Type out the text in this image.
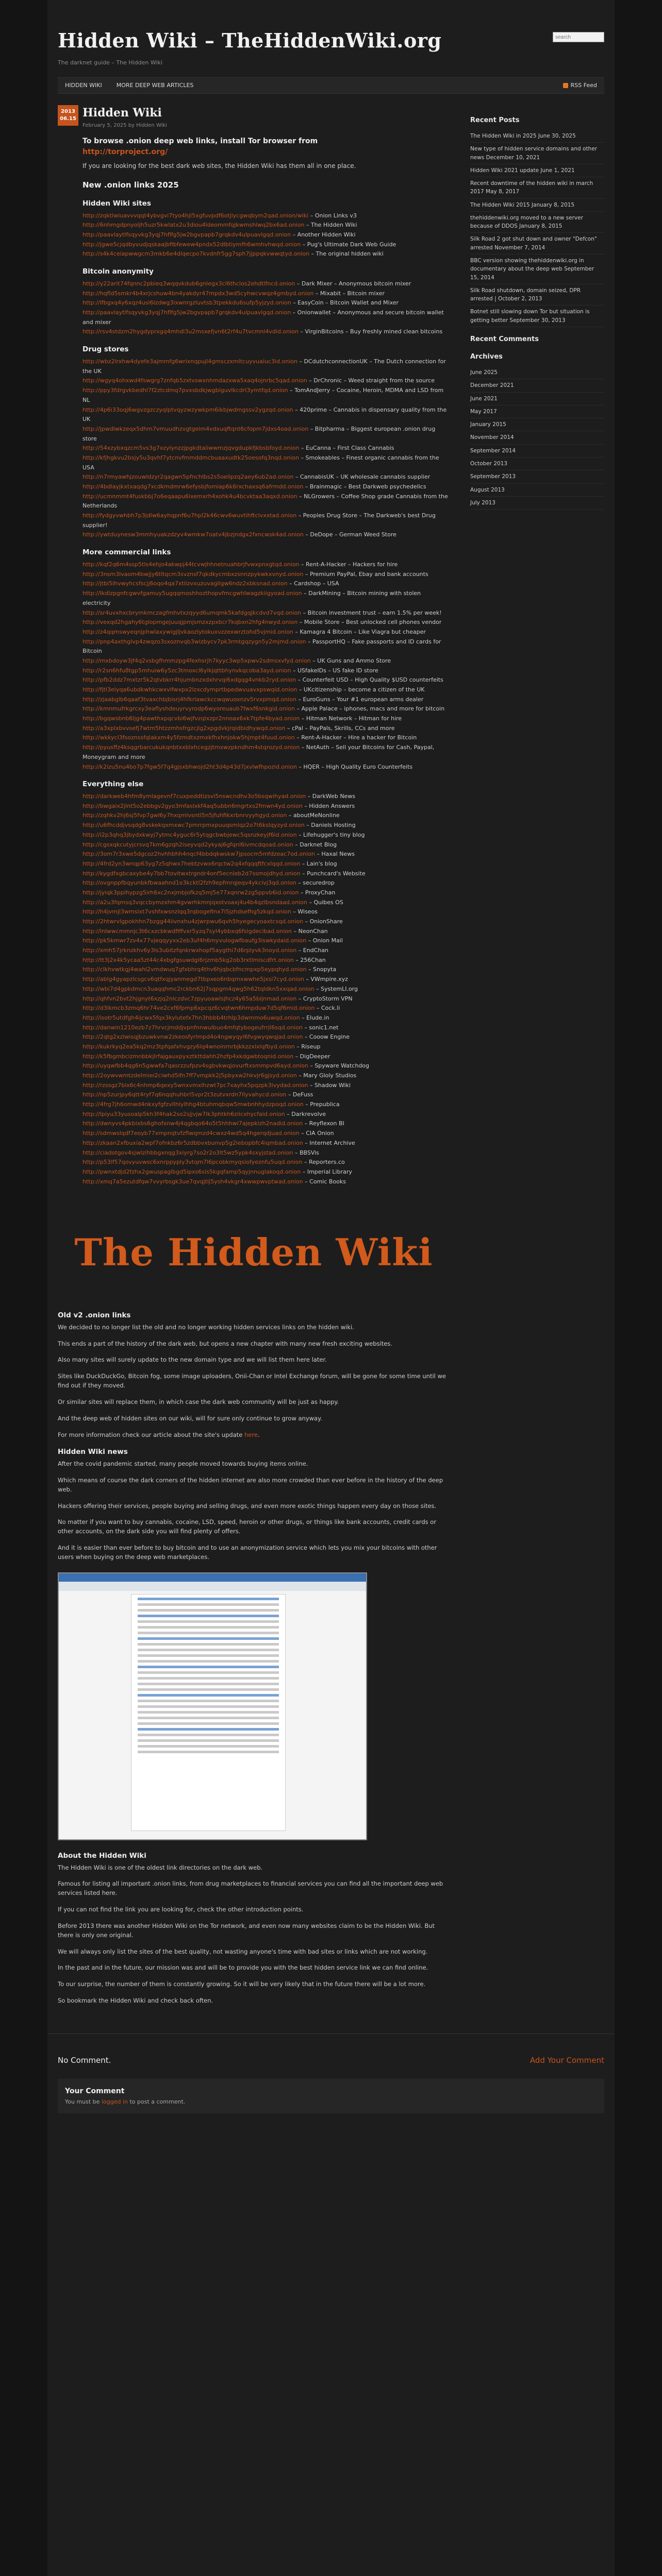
Hidden Wiki – TheHiddenWiki.org
The darknet guide – The Hidden Wiki
search
HIDDEN WIKI	MORE DEEP WEB ARTICLES	RSS Feed
2013
06.15 Hidden Wiki
February 5, 2025 by Hidden Wiki
To browse .onion deep web links, install Tor browser from
http://torproject.org/
If you are looking for the best dark web sites, the Hidden Wiki has them all in one place.
New .onion links 2025
Hidden Wiki sites
http://zqktlwiuavvvqqt4ybvgvi7tyo4hjl5xgfuvpdf6otjiycgwqbym2qad.onion/wiki – Onion Links v3
http://6nhmgdpnyoljh5uzr5kwlatx2u3diou4ldeommfqjkwmshlwq2bx6ad.onion – The Hidden Wiki
http://paavlaytlfsqyvkg3yqj7hflfg5jw2bgvpapb7grqkdv4ulpuavlgqd.onion – Another Hidden Wiki
http://jgwe5cjqdbyvudjqskaajbfibfewew4pndx52dlbtiymfh6wmhvhwqd.onion – Pug's Ultimate Dark Web Guide
http://s4k4ceiapwwgcm3mkb6e4diqecpo7kvdnfr5gg7sph7jjppqkvwwqtyd.onion – The original hidden wiki
Bitcoin anonymity
http://y22arit74fqnnc2pbieq3wqqvkdub6gnlegx3cl6thclos2ehdtlfncd.onion – Dark Mixer – Anonymous bitcoin mixer
http://hqfld5smkr4b4xrjcshuw4bn4yakdyr47mpdx3wd5cyhwcvwqz4gmbyd.onion – Mixabit – Bitcoin mixer
http://lfbgxq4y6xqz4usl6lzdwg3ixwnrgzluvtsb3tpekkdu6sufp5yjzyd.onion – EasyCoin – Bitcoin Wallet and Mixer
http://paavlaytlfsqyvkg3yqj7hflfg5jw2bgvpapb7grqkdv4ulpuavlgqd.onion – Onionwallet – Anonymous and secure bitcoin wallet and mixer
http://rsv4stdzm2hygdyprxgq4mhdl3u2msxefjvn6t2rf4u7tvcmnl4vdid.onion – VirginBitcoins – Buy freshly mined clean bitcoins
Drug stores
http://wbz2lrxhw4dyefe3ajmmfg6wrixnqpujl4gmsczxmltcuyvuaiuc3id.onion – DCdutchconnectionUK – The Dutch connection for the UK
http://wgyq4ohxwd4fswgrg7znfqb5zxtvswxnhmdazxwa5xaq4ojnrbc5qad.onion – DrChronic – Weed straight from the source
http://ppy3fdrgvkbedhl7f2ztcdmq7pvxsbdkjwgblguvlkcdrl3ymtfqd.onion – TomAndJerry – Cocaine, Heroin, MDMA and LSD from NL
http://4p6i33oqj6wgvzgzczyqlptvqyzwzywkpm6ikbjwdmgssv2ygzqd.onion – 420prime – Cannabis in dispensary quality from the UK
http://jpwdlwkzeqx5dhm7vmuudhzvgtgelm4vdxuqftqnt6cfopm7jdxs4oad.onion – Bitpharma – Biggest european .onion drug store
http://54xzybxqzcm5vs3g7xzylynzzjpgkdtaiiwwmzjqvgdupkfjkbsbfoyd.onion – EuCanna – First Class Cannabis
http://kfjhgkvu2bsjy5u3qvhf7ytcnvfmmddmcbuaaxudtk25oesofq3nqd.onion – Smokeables – Finest organic cannabis from the USA
http://n7rmyawhjzouwldzyr2qagwn5pfnchlbs2s5oelipzq2aey6ub2ad.onion – CannabisUK – UK wholesale cannabis supplier
http://4bdlayjkxtxaqdg7xcdkmdmrw6efysbjfomiap6k6rxchaxsq6afrmdd.onion – Brainmagic – Best Darkweb psychedelics
http://ucmnmmt4fuskbbj7o6eqaapu6ixemxrh4xohk4u4bcvktaa3aqxd.onion – NLGrowers – Coffee Shop grade Cannabis from the Netherlands
http://fydgyvwhbh7p3jdlw6ayhqpnf6u7hpl2k46cwv6wuvtihftclvxxtad.onion – Peoples Drug Store – The Darkweb's best Drug supplier!
http://ywtduynesw3mmhyuakzdzyv4wmkw7oatv4jbzjndgx2fxncwsk4ad.onion – DeDope – German Weed Store
More commercial links
http://kqf2q6m4ssp5tls4ehjo4akwpj44tcvwjhhnetnuahbrjfvwxpnxgtqd.onion – Rent-A-Hacker – Hackers for hire
http://3nsm3lvaom4bwjjy6tltqcm3svznsf7qkdkycmbxzsnnzpykwkxvnyd.onion – Premium PayPal, Ebay and bank accounts
http://jtbi5ihvwyhcsfscjj6oqo4qa7xtiizvxuzuvagllgw6ndz2xbksnad.onion – Cardshop – USA
http://lkdlzpgnfcgwvfgamuy5ugqqmoshhozthopvfmcgwhlwagzkiigyoad.onion – DarkMining – Bitcoin mining with stolen electricity
http://sr4uvxhxcbrymkmczagfmhvtxzqyyd6umqmk5kafdgqjkcdvd7vqd.onion – Bitcoin investment trust – earn 1.5% per week!
http://vexqd2hgahy6tglopmgejuuqjpmjsmzxzpxbcr7kqbxn2hfg4nwyd.onion – Mobile Store – Best unlocked cell phones vendor
http://z4qqmswyeqnjphwlaxywigjljvkaozlytokuxvzzexwrztohd5vjmid.onion – Kamagra 4 Bitcoin – Like Viagra but cheaper
http://pnp4axthglvp4zwqzo3sxoznvqb3wizbycv7pk3rmtgqzygn5y2mjmd.onion – PassportHQ – Fake passports and ID cards for Bitcoin
http://mxbdoyw3jf4q2vsbgfhmmzpg4fexhsrjh7kyyc3wp5xpwv2sdmsxvfyd.onion – UK Guns and Ammo Store
http://r2sn6hfu8tgp5mhuiw6y5zc3tmoxcl6ylkjqttbhynvkqcoba3ayd.onion – USfakeIDs – US fake ID store
http://pfb2ddz7mxtzr5k2qtvbkrr4hjumbnzxdxhrvqi6xdgqg4vnkb2ryd.onion – Counterfeit USD – High Quality $USD counterfeits
http://fjtl3elyqa6ubdkwhkcwxvlfwxpx2lzxcdymprtbpedwvuavxpswqid.onion – UKcitizenship – become a citizen of the UK
http://zjaabglb6qaaf3tvaxchbjbisrj4hfkrlawckccwqwuoxnzv5rvxpmqd.onion – EuroGuns – Your #1 european arms dealer
http://kmnmufrkgrcxy3eaflyshdeuyrvyrodp6wyoreuaub7fwxf6snkgid.onion – Apple Palace – iphones, macs and more for bitcoin
http://bgqwsbnb6ljg4pawthxpqcvbi6wjfvzqlxzpr2nnoax6xk7tpfe4byad.onion – Hitman Network – Hitman for hire
http://a3xplxbvvsefj7wtm5htzzmhsfrgzcjlg2xpgdvkjrqidbidhywqd.onion – cPal – PayPals, Skrills, CCs and more
http://wkkycl3fsoznssfqlakxm4y5fzmdtxzmxkfhxhnjokw5hjmpt4fuud.onion – Rent-A-Hacker – Hire a hacker for Bitcoin
http://pyusffz4ksqgrbarcukukqnbtxxblxhcegzjtmxwzpkndhm4stqrozyd.onion – NetAuth – Sell your Bitcoins for Cash, Paypal, Moneygram and more
http://k2izu5nu4bo7p7fgw5f7q4gjsxbhwojd2ht3d4p43d7jxvlwfhpozid.onion – HQER – High Quality Euro Counterfeits
Everything else
http://darkweb4hfm8ymlagevnf7cuxpeddtizsvi5nswcndhv3o5bsqwihyad.onion – DarkWeb News
http://bwgaix2jlnt5o2ebbgv2gyo3mfaslxkf4aq5ubbn6mgrtxs2fmwn4yd.onion – Hidden Answers
http://zqhkv2hj6sj5fvp7gwl6y7hxqmlvsntl5n5jfuhfikxrbnrvyyhgyd.onion – aboutMeNonline
http://u6fhcddjvsqdg8vskekqxmxwc7pmrrpmxpuuqsmlqz2o7t6kslqyzyd.onion – Daniels Hosting
http://i2p3qhq3jbydxkwyj7ytmc4yguc6r5ytqgcbwbjewc5qsnzkeyjf6id.onion – Lifehugger's tiny blog
http://cgsxqkcutyjcrsvq7km6gzqh2iseyvqd2ykyaj6gfqnl6ivmcdqoad.onion – Darknet Blog
http://3om7r3xwe5dgcoz2hvhhbhh4nqcf4bbdqkwskw7jpsocm5mfdzeac7od.onion – Haxal News
http://4frd2yn3wnqp63yg7z5qhwx7hebtzvwx6rqctw2q4xfqqqftfcxlqqd.onion – Lain's blog
http://kygdfxgbcaxybe4y7bb7tovitwxtrgndr4onf5ecnleb2d7ssmojdhyd.onion – Punchcard's Website
http://ovgnppfbqyunbkfbwaahnd1e3kcktl2fzh9epfmrqjeqv4ykcivj3qd.onion – securedrop
http://jyiqk3ppihypzg5irh6xc2nxjmbjofkzq5mj5e77xqnrw2zg5ppvb6id.onion – ProxyChan
http://a2u3fqmsq3vqccbymzxhm4gvwrhkmnjqxotvoaxj4u4b4qzlbsndaad.onion – Quibes OS
http://h4jvmjl3wmslxt7vshfxwsnzlqq3rqbogefinx7l5jzhdsefhg5zkqd.onion – Wiseos
http://2htwrvlgpokhhn7bzgg44iivnxhu4zjwrpwu6qvh5hyegecyoaxtcsqd.onion – OnionShare
http://lnlwwcmmnjc3t6cxzcbkwdfiffvxr5yzq7syl4ybbxq6fslgdecibad.onion – NeonChan
http://pk5kmwr7zv4x77vjeqqyyxx2eb3uf4h6myvulogwfbaufg3iswkydaid.onion – Onion Mail
http://xmh57jrknzkhv6y3ls3ubitzfqnkrwxhopf5aygthi7d6rplyvk3noyd.onion – EndChan
http://tt3j2x4k5ycaa5zt44c4xbgfgsuwdgi6rjzmb5kg2ob3rxtlmiscdfrt.onion – 256Chan
http://clkhvwtkgj4wahl2vmdwuq7gfxbhrq4thv6hjqbcbfncmpxp5eypqhyd.onion – Snopyta
http://ablg4gyapzlcsgcv6qtfxqjyanmegd7tbpxeo6nbqmxwwhe5jxsi7cyd.onion – VWmpire.xyz
http://wbi7d4gpkdmcn3uaqqhmc2rckbn62j7sqpgm4qwg5h62tqldkn5xxqad.onion – SystemLI.org
http://qhfvn2bvt2hjgnyt6xzjq2nlczdvc7zpyuoawlsjhcz4y65a5bijnmad.onion – CryptoStorm VPN
http://d3lkmcb3zmq6hr74ve2cxf6fpmp6xpcqz6cvqtwn6hmpduw7d5qf6mid.onion – Cock.li
http://isotr5utdfgh4ijcwx5fqx3kylutefx7hn3hbbb4trhlp3dwmmo6uwqd.onion – Elude.in
http://danwin1210ezb7z7hrvcjmddjvpnfnnwulbuo4mfqtybogeufrrjl6sqd.onion – sonic1.net
http://2qtg2xzlwisqjbzuwkvnw2zkeosfyrlmpd4o4ngwyqyl6fvgwyqwqjad.onion – Cooow Engine
http://kukrkyq2ea5kq2mz3tpfqafxhvgzy6lq4wnoinrnrbjkkzzxlxlqfbyd.onion – Riseup
http://k5fbgmbcizmnbbkjlrfajgauxpyxztkttdahh2hzfp4xkdgwbtoqnid.onion – DigDeeper
http://uyqwfbb4qg6n5gwwfa7qasrzzufpzv4sgbvkwqjovurftxsmmpvd6ayd.onion – Spyware Watchdog
http://2oywvwmtzdelmiei2ciwhd5lfn7ff7vmpkk2j5pbyxw2hkvjr6gjsyd.onion – Mary Gloly Studios
http://rzssgz7blx6c4nhmp6qexy5wnxvmxlhzwt7pc7xayhx5pqzpk3ivydad.onion – Shadow Wiki
http://np5zurjpy6qtt4ryf7q6nqqhuhbrl5vpr2t3zutvxrdn7llyvahycd.onion – DeFuss
http://4frg7jh6omwd4nkxyfgfzvllhlylhhg4btuhmqbqw5mwbnhhydzpoqd.onion – Prepublica
http://lpiyu33yusoalp5kh3f4hak2so2sjjvjw7lk3phtkh6ziicxhycfaid.onion – Darkrevolve
http://dwnyvs4pkbixbs6ghofxnw4j4qgbqo64o5t5hhhwi7ajepklzh2nadid.onion – Reyflexon BI
http://sdmwslqdf7eoyb77xmpnqtvfzflwqmzd4cwxz4wd5q4hgerqdjuad.onion – CIA Onion
http://zkaan2xfbuxia2wpf7ofnkbz6r5zdbbvxbunvp5g2iebopbfc4iqmbad.onion – Internet Archive
http://ciadotgov4sjwlzihbbgxnqg3xiyrg7so2r2o3lt5wz5ypk4sxyjstad.onion – BBSVis
http://p53lf57qovyuvwsc6xnrppyply3vtqm7l6pcobkmyqsiofyeznfu5uqd.onion – Reporters.co
http://pwnxtdjd2fzhx2gwuspaglbgd5ipxs6sls5kgqfamp5qyjnnuglakoqd.onion – Imperial Library
http://xmq7a5ezutdfqw7vvyrbsgk3ue7qvqjtlj5ysh4vkgr4xwwpwvptwad.onion – Comic Books
The Hidden Wiki
Old v2 .onion links

We decided to no longer list the old and no longer working hidden services links on the hidden wiki.

This ends a part of the history of the dark web, but opens a new chapter with many new fresh exciting websites.

Also many sites will surely update to the new domain type and we will list them here later.

Sites like DuckDuckGo, Bitcoin fog, some image uploaders, Onii-Chan or Intel Exchange forum, will be gone for some time until we find out if they moved.

Or similar sites will replace them, in which case the dark web community will be just as happy.

And the deep web of hidden sites on our wiki, will for sure only continue to grow anyway.

For more information check our article about the site's update here.

Hidden Wiki news

After the covid pandemic started, many people moved towards buying items online.

Which means of course the dark corners of the hidden internet are also more crowded than ever before in the history of the deep web.

Hackers offering their services, people buying and selling drugs, and even more exotic things happen every day on those sites.

No matter if you want to buy cannabis, cocaine, LSD, speed, heroin or other drugs, or things like bank accounts, credit cards or other accounts, on the dark side you will find plenty of offers.

And it is easier than ever before to buy bitcoin and to use an anonymization service which lets you mix your bitcoins with other users when buying on the deep web marketplaces.

About the Hidden Wiki

The Hidden Wiki is one of the oldest link directories on the dark web.

Famous for listing all important .onion links, from drug marketplaces to financial services you can find all the important deep web services listed here.

If you can not find the link you are looking for, check the other introduction points.

Before 2013 there was another Hidden Wiki on the Tor network, and even now many websites claim to be the Hidden Wiki. But there is only one original.

We will always only list the sites of the best quality, not wasting anyone's time with bad sites or links which are not working.

In the past and in the future, our mission was and will be to provide you with the best hidden service link we can find online.

To our surprise, the number of them is constantly growing. So it will be very likely that in the future there will be a lot more.

So bookmark the Hidden Wiki and check back often.

Recent Posts
The Hidden Wiki in 2025 June 30, 2025
New type of hidden service domains and other news December 10, 2021
Hidden Wiki 2021 update June 1, 2021
Recent downtime of the hidden wiki in march 2017 May 8, 2017
The Hidden Wiki 2015 January 8, 2015
thehiddenwiki.org moved to a new server because of DDOS January 8, 2015
Silk Road 2 got shut down and owner "Defcon" arrested November 7, 2014
BBC version showing thehiddenwiki.org in documentary about the deep web September 15, 2014
Silk Road shutdown, domain seized, DPR arrested | October 2, 2013
Botnet still slowing down Tor but situation is getting better September 30, 2013
Recent Comments
Archives
June 2025
December 2021
June 2021
May 2017
January 2015
November 2014
September 2014
October 2013
September 2013
August 2013
July 2013
No Comment.	Add Your Comment
Your Comment
You must be logged in to post a comment.
